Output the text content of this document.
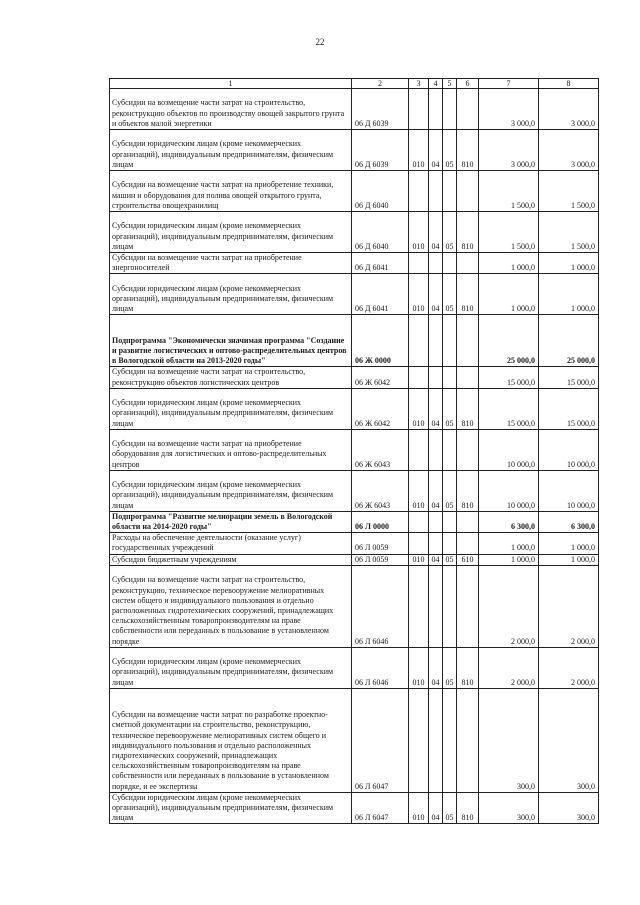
22
1	2	3	4	5	6	7	8
Субсидии на возмещение части затрат на строительство, реконструкцию объектов по производству овощей закрытого грунта и объектов малой энергетики	06 Д 6039					3 000,0	3 000,0
Субсидии юридическим лицам (кроме некоммерческих организаций), индивидуальным предпринимателям, физическим лицам	06 Д 6039	010	04	05	810	3 000,0	3 000,0
Субсидии на возмещение части затрат на приобретение техники, машин и оборудования для полива овощей открытого грунта, строительства овощехранилищ	06 Д 6040					1 500,0	1 500,0
Субсидии юридическим лицам (кроме некоммерческих организаций), индивидуальным предпринимателям, физическим лицам	06 Д 6040	010	04	05	810	1 500,0	1 500,0
Субсидии на возмещение части затрат на приобретение энергоносителей	06 Д 6041					1 000,0	1 000,0
Субсидии юридическим лицам (кроме некоммерческих организаций), индивидуальным предпринимателям, физическим лицам	06 Д 6041	010	04	05	810	1 000,0	1 000,0
Подпрограмма "Экономически значимая программа "Создание и развитие логистических и оптово-распределительных центров в Вологодской области на 2013-2020 годы"	06 Ж 0000					25 000,0	25 000,0
Субсидии на возмещение части затрат на строительство, реконструкцию объектов логистических центров	06 Ж 6042					15 000,0	15 000,0
Субсидии юридическим лицам (кроме некоммерческих организаций), индивидуальным предпринимателям, физическим лицам	06 Ж 6042	010	04	05	810	15 000,0	15 000,0
Субсидии на возмещение части затрат на приобретение оборудования для логистических и оптово-распределительных центров	06 Ж 6043					10 000,0	10 000,0
Субсидии юридическим лицам (кроме некоммерческих организаций), индивидуальным предпринимателям, физическим лицам	06 Ж 6043	010	04	05	810	10 000,0	10 000,0
Подпрограмма "Развитие мелиорации земель в Вологодской области на 2014-2020 годы"	06 Л 0000					6 300,0	6 300,0
Расходы на обеспечение деятельности (оказание услуг) государственных учреждений	06 Л 0059					1 000,0	1 000,0
Субсидии бюджетным учреждениям	06 Л 0059	010	04	05	610	1 000,0	1 000,0
Субсидии на возмещение части затрат на строительство, реконструкцию, техническое перевооружение мелиоративных систем общего и индивидуального пользования и отдельно расположенных гидротехнических сооружений, принадлежащих сельскохозяйственным товаропроизводителям на праве собственности или переданных в пользование в установленном порядке	06 Л 6046					2 000,0	2 000,0
Субсидии юридическим лицам (кроме некоммерческих организаций), индивидуальным предпринимателям, физическим лицам	06 Л 6046	010	04	05	810	2 000,0	2 000,0
Субсидии на возмещение части затрат по разработке проектно-сметной документации на строительство, реконструкцию, техническое перевооружение мелиоративных систем общего и индивидуального пользования и отдельно расположенных гидротехнических сооружений, принадлежащих сельскохозяйственным товаропроизводителям на праве собственности или переданных в пользование в установленном порядке, и ее экспертизы	06 Л 6047					300,0	300,0
Субсидии юридическим лицам (кроме некоммерческих организаций), индивидуальным предпринимателям, физическим лицам	06 Л 6047	010	04	05	810	300,0	300,0
